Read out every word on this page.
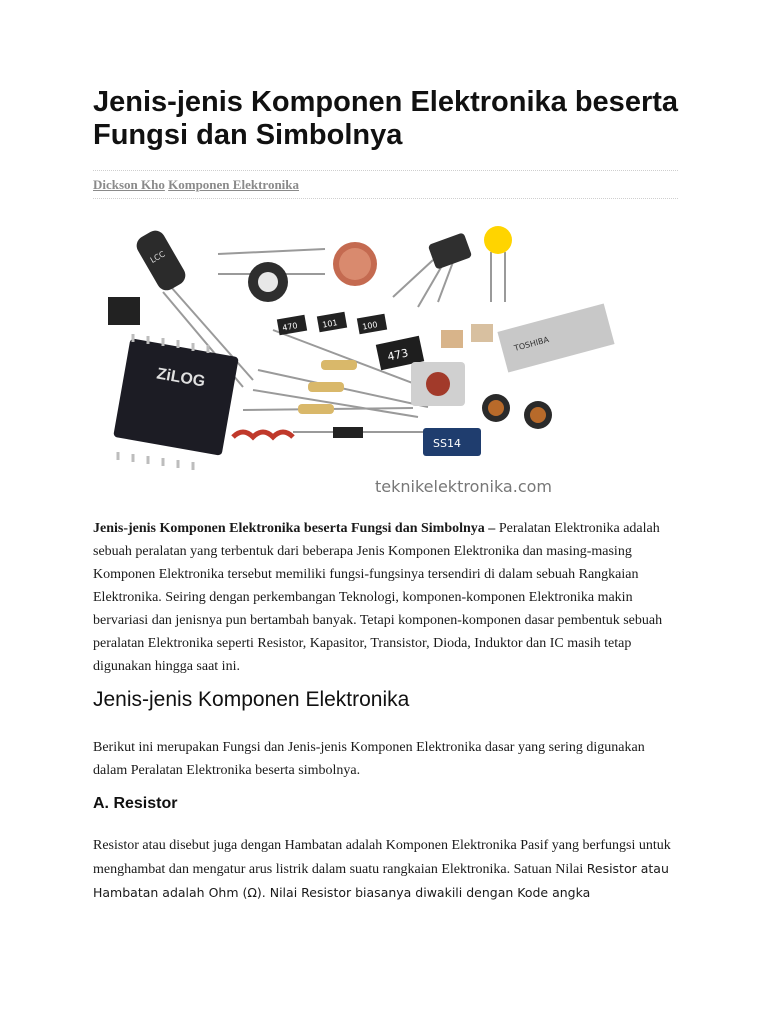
Jenis-jenis Komponen Elektronika beserta Fungsi dan Simbolnya
Dickson Kho Komponen Elektronika
LCC
ZiLOG
470	101	100
473
TOSHIBA
SS14
teknikelektronika.com

Jenis-jenis Komponen Elektronika beserta Fungsi dan Simbolnya – Peralatan Elektronika adalah sebuah peralatan yang terbentuk dari beberapa Jenis Komponen Elektronika dan masing-masing Komponen Elektronika tersebut memiliki fungsi-fungsinya tersendiri di dalam sebuah Rangkaian Elektronika. Seiring dengan perkembangan Teknologi, komponen-komponen Elektronika makin bervariasi dan jenisnya pun bertambah banyak. Tetapi komponen-komponen dasar pembentuk sebuah peralatan Elektronika seperti Resistor, Kapasitor, Transistor, Dioda, Induktor dan IC masih tetap digunakan hingga saat ini.

Jenis-jenis Komponen Elektronika

Berikut ini merupakan Fungsi dan Jenis-jenis Komponen Elektronika dasar yang sering digunakan dalam Peralatan Elektronika beserta simbolnya.

A. Resistor

Resistor atau disebut juga dengan Hambatan adalah Komponen Elektronika Pasif yang berfungsi untuk menghambat dan mengatur arus listrik dalam suatu rangkaian Elektronika. Satuan Nilai Resistor atau Hambatan adalah Ohm (Ω). Nilai Resistor biasanya diwakili dengan Kode angka
